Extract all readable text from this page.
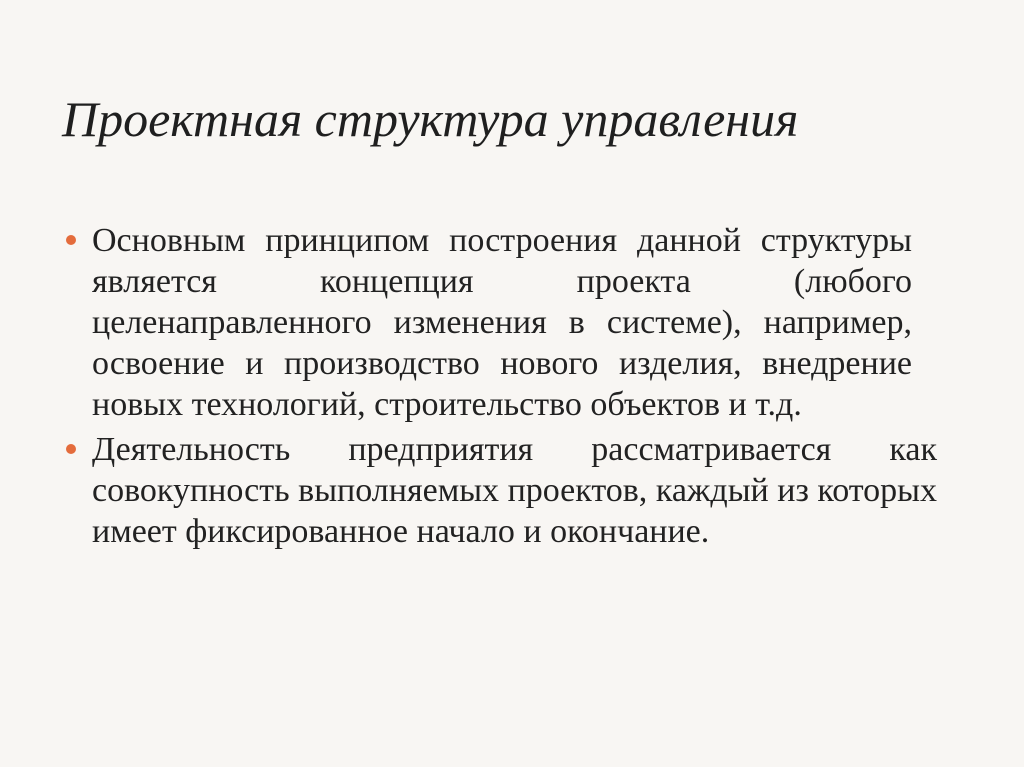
Проектная структура управления
Основным принципом построения данной структуры является концепция проекта (любого целенаправленного изменения в системе), например, освоение и производство нового изделия, внедрение новых технологий, строительство объектов и т.д.
Деятельность предприятия рассматривается как совокупность выполняемых проектов, каждый из которых имеет фиксированное начало и окончание.
